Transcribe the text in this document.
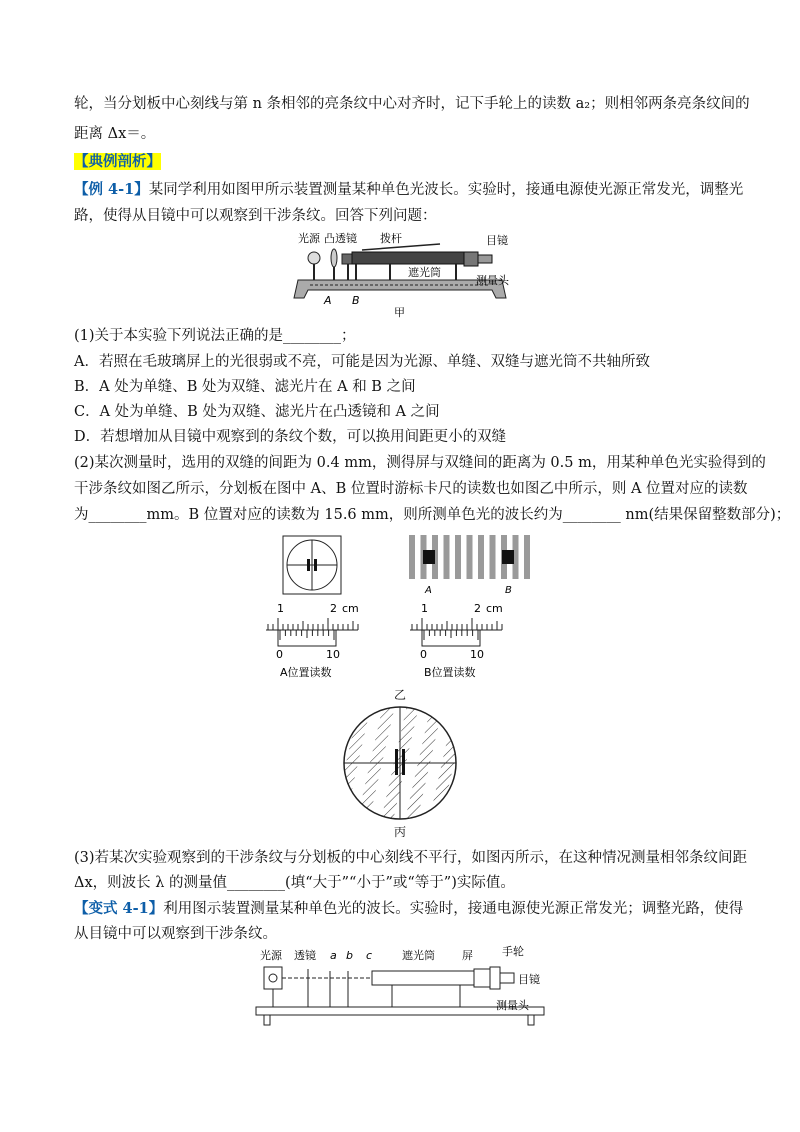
轮，当分划板中心刻线与第 n 条相邻的亮条纹中心对齐时，记下手轮上的读数 a₂；则相邻两条亮条纹间的
距离 Δx＝。
【典例剖析】
【例 4-1】某同学利用如图甲所示装置测量某种单色光波长。实验时，接通电源使光源正常发光，调整光
路，使得从目镜中可以观察到干涉条纹。回答下列问题：
光源 凸透镜 拨杆	目镜
遮光筒
测量头
A B
甲
(1)关于本实验下列说法正确的是________；
A．若照在毛玻璃屏上的光很弱或不亮，可能是因为光源、单缝、双缝与遮光筒不共轴所致
B．A 处为单缝、B 处为双缝、滤光片在 A 和 B 之间
C．A 处为单缝、B 处为双缝、滤光片在凸透镜和 A 之间
D．若想增加从目镜中观察到的条纹个数，可以换用间距更小的双缝
(2)某次测量时，选用的双缝的间距为 0.4 mm，测得屏与双缝间的距离为 0.5 m，用某种单色光实验得到的
干涉条纹如图乙所示，分划板在图中 A、B 位置时游标卡尺的读数也如图乙中所示，则 A 位置对应的读数
为________mm。B 位置对应的读数为 15.6 mm，则所测单色光的波长约为________ nm(结果保留整数部分)；
A	B
1	2 cm
0	10
A位置读数
1	2 cm
0	10
B位置读数
乙
丙
(3)若某次实验观察到的干涉条纹与分划板的中心刻线不平行，如图丙所示，在这种情况测量相邻条纹间距
Δx，则波长 λ 的测量值________(填“大于”“小于”或“等于”)实际值。
【变式 4-1】利用图示装置测量某种单色光的波长。实验时，接通电源使光源正常发光；调整光路，使得
从目镜中可以观察到干涉条纹。
光源 透镜 a b c	遮光筒 屏	手轮
目镜
测量头
